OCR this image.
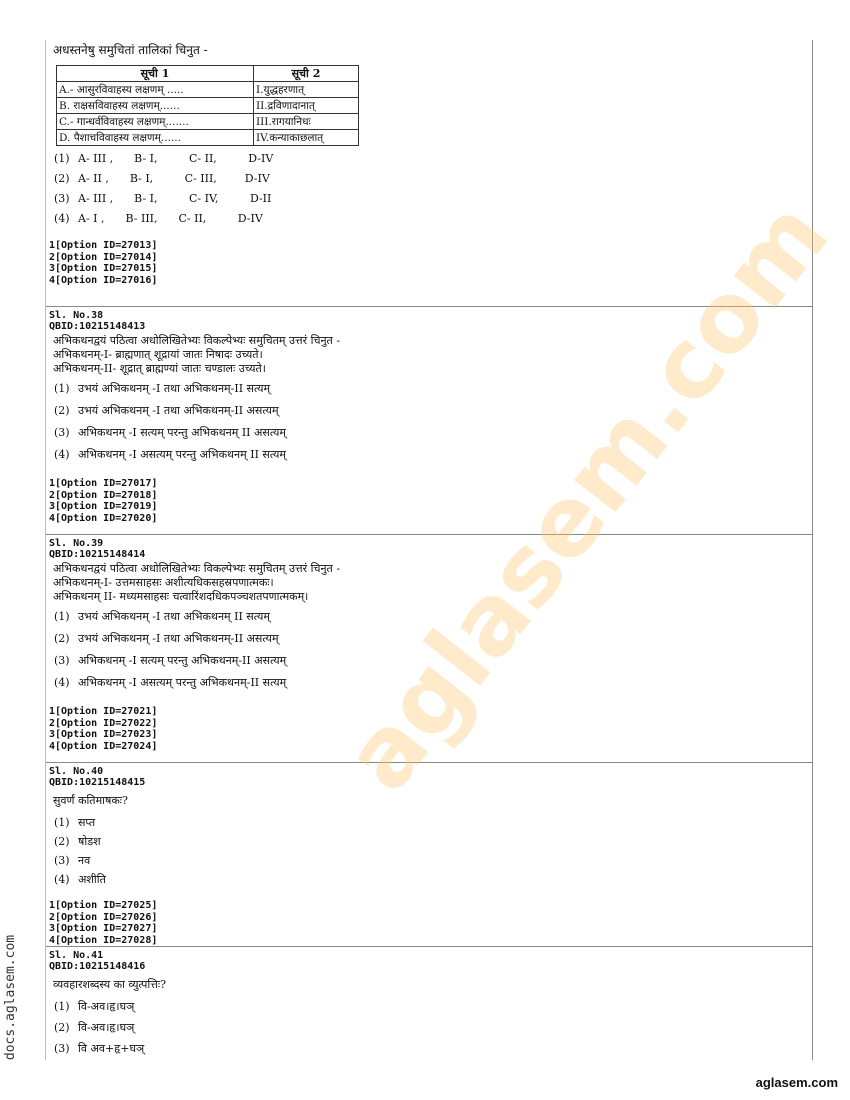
अधस्तनेषु समुचितां तालिकां चिनुत -
सूची 1	सूची 2
A.- आसुरविवाहस्य लक्षणम् .....	I.युद्धहरणात्
B. राक्षसविवाहस्य लक्षणम्......	II.द्रविणादानात्
C.- गान्धर्वविवाहस्य लक्षणम्.......	III.रागयानिधः
D. पैशाचविवाहस्य लक्षणम्......	IV.कन्याकाछलात्
(1) A- III ,      B- I,         C- II,         D-IV
(2) A- II ,      B- I,         C- III,        D-IV
(3) A- III ,      B- I,         C- IV,         D-II
(4) A- I ,      B- III,      C- II,         D-IV
1[Option ID=27013]
2[Option ID=27014]
3[Option ID=27015]
4[Option ID=27016]
Sl. No.38
QBID:10215148413
अभिकथनद्वयं पठित्वा अधोलिखितेभ्यः विकल्पेभ्यः समुचितम् उत्तरं चिनुत -
अभिकथनम्-I- ब्राह्मणात् शूद्रायां जातः निषादः उच्यते।
अभिकथनम्-II- शूद्रात् ब्राह्मण्यां जातः चण्डालः उच्यते।
(1) उभयं अभिकथनम् -I तथा अभिकथनम्-II सत्यम्
(2) उभयं अभिकथनम् -I तथा अभिकथनम्-II असत्यम्
(3) अभिकथनम् -I सत्यम् परन्तु अभिकथनम् II असत्यम्
(4) अभिकथनम् -I असत्यम् परन्तु अभिकथनम् II सत्यम्
1[Option ID=27017]
2[Option ID=27018]
3[Option ID=27019]
4[Option ID=27020]
Sl. No.39
QBID:10215148414
अभिकथनद्वयं पठित्वा अधोलिखितेभ्यः विकल्पेभ्यः समुचितम् उत्तरं चिनुत -
अभिकथनम्-I- उत्तमसाहसः अशीत्यधिकसहस्रपणात्मकः।
अभिकथनम् II- मध्यमसाहसः चत्वारिंशदधिकपञ्चशतपणात्मकम्।
(1) उभयं अभिकथनम् -I तथा अभिकथनम् II सत्यम्
(2) उभयं अभिकथनम् -I तथा अभिकथनम्-II असत्यम्
(3) अभिकथनम् -I सत्यम् परन्तु अभिकथनम्-II असत्यम्
(4) अभिकथनम् -I असत्यम् परन्तु अभिकथनम्-II सत्यम्
1[Option ID=27021]
2[Option ID=27022]
3[Option ID=27023]
4[Option ID=27024]
Sl. No.40
QBID:10215148415
सुवर्णं कतिमाषकः?
(1) सप्त
(2) षोडश
(3) नव
(4) अशीति
1[Option ID=27025]
2[Option ID=27026]
3[Option ID=27027]
4[Option ID=27028]
Sl. No.41
QBID:10215148416
व्यवहारशब्दस्य का व्युत्पत्तिः?
(1) वि-अव।हृ।घञ्
(2) वि-अव।हृ।घञ्
(3) वि अव+हृ+घञ्
aglasem.com
docs.aglasem.com
aglasem.com
